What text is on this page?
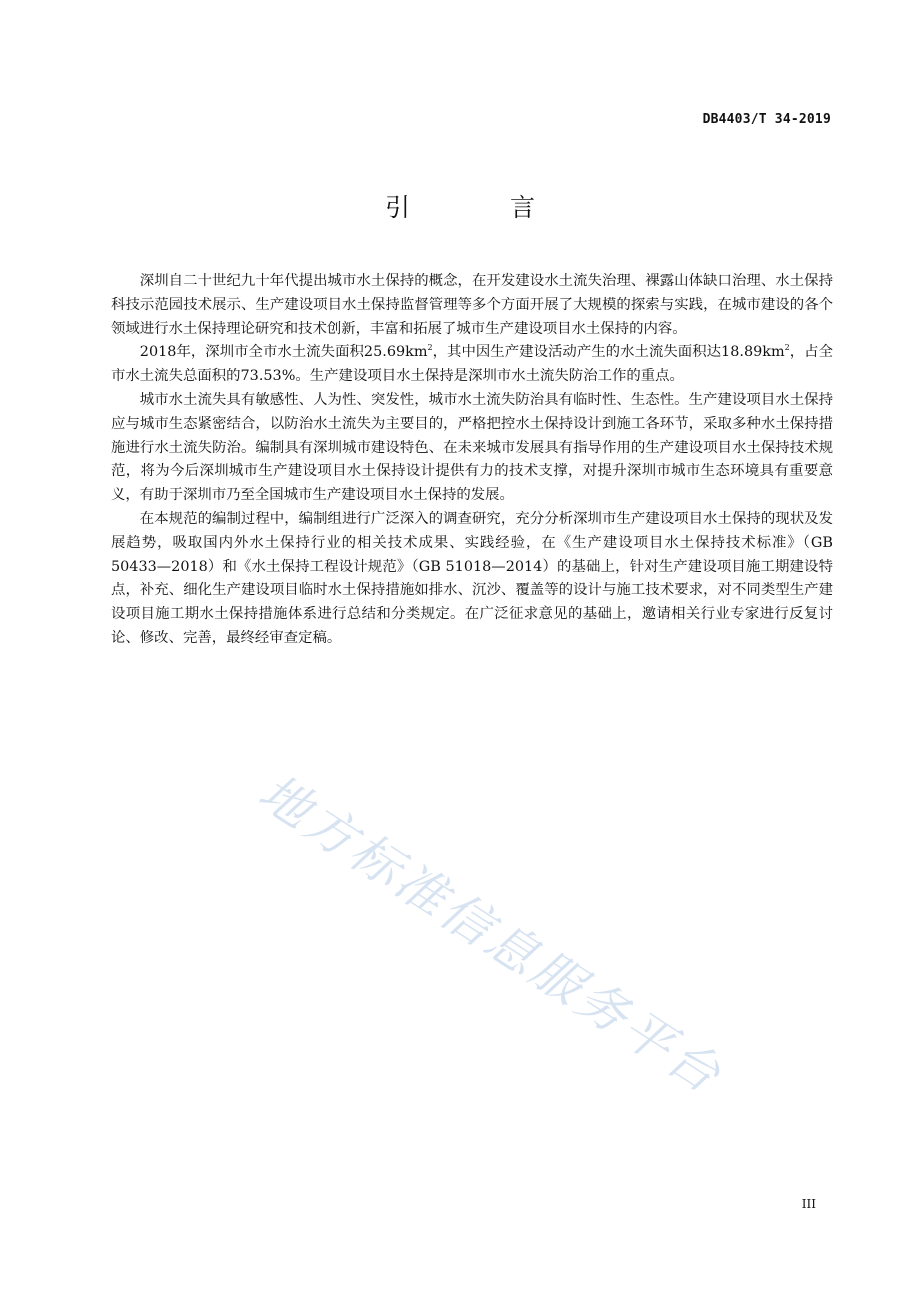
DB4403/T 34-2019
引 言

深圳自二十世纪九十年代提出城市水土保持的概念，在开发建设水土流失治理、裸露山体缺口治理、水土保持科技示范园技术展示、生产建设项目水土保持监督管理等多个方面开展了大规模的探索与实践，在城市建设的各个领域进行水土保持理论研究和技术创新，丰富和拓展了城市生产建设项目水土保持的内容。

2018年，深圳市全市水土流失面积$25.69km^2$，其中因生产建设活动产生的水土流失面积达$18.89km^2$，占全市水土流失总面积的73.53%。生产建设项目水土保持是深圳市水土流失防治工作的重点。

城市水土流失具有敏感性、人为性、突发性，城市水土流失防治具有临时性、生态性。生产建设项目水土保持应与城市生态紧密结合，以防治水土流失为主要目的，严格把控水土保持设计到施工各环节，采取多种水土保持措施进行水土流失防治。编制具有深圳城市建设特色、在未来城市发展具有指导作用的生产建设项目水土保持技术规范，将为今后深圳城市生产建设项目水土保持设计提供有力的技术支撑，对提升深圳市城市生态环境具有重要意义，有助于深圳市乃至全国城市生产建设项目水土保持的发展。

在本规范的编制过程中，编制组进行广泛深入的调查研究，充分分析深圳市生产建设项目水土保持的现状及发展趋势，吸取国内外水土保持行业的相关技术成果、实践经验，在《生产建设项目水土保持技术标准》（GB 50433—2018）和《水土保持工程设计规范》（GB 51018—2014）的基础上，针对生产建设项目施工期建设特点，补充、细化生产建设项目临时水土保持措施如排水、沉沙、覆盖等的设计与施工技术要求，对不同类型生产建设项目施工期水土保持措施体系进行总结和分类规定。在广泛征求意见的基础上，邀请相关行业专家进行反复讨论、修改、完善，最终经审查定稿。

地方标准信息服务平台
III
